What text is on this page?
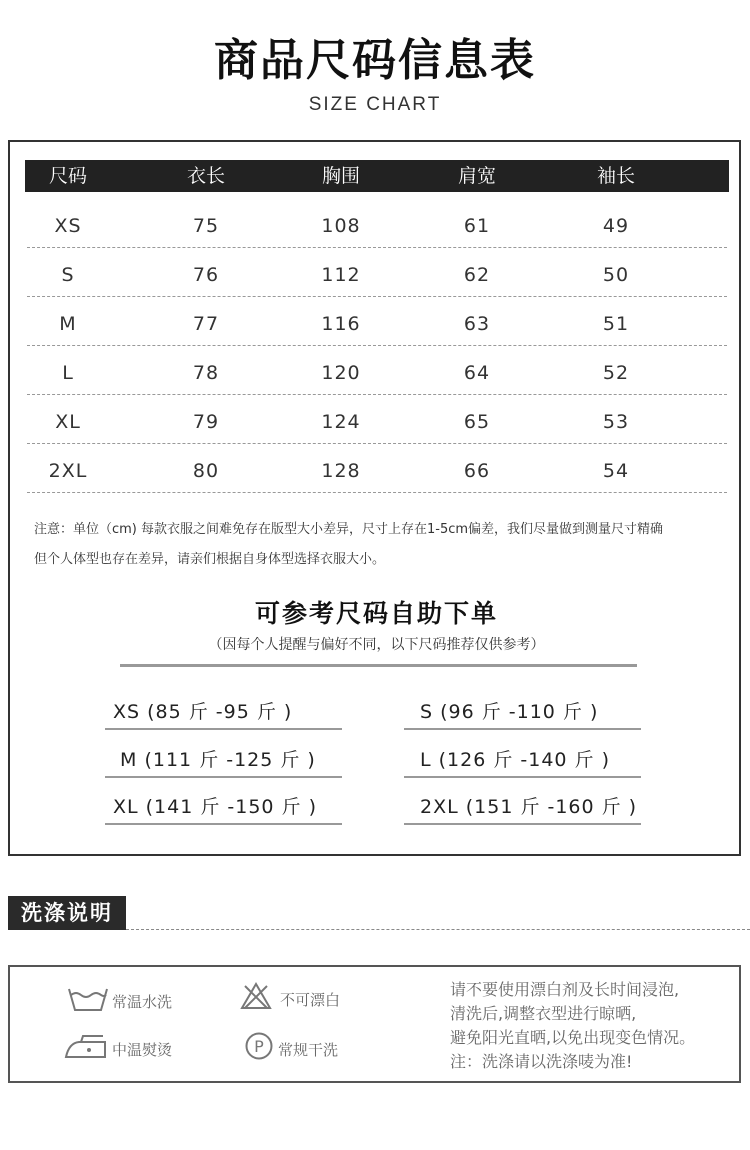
商品尺码信息表
SIZE CHART
尺码	衣长	胸围	肩宽	袖长
XS	75	108	61	49
S	76	112	62	50
M	77	116	63	51
L	78	120	64	52
XL	79	124	65	53
2XL	80	128	66	54
注意：单位（cm) 每款衣服之间难免存在版型大小差异，尺寸上存在1-5cm偏差，我们尽量做到测量尺寸精确
但个人体型也存在差异，请亲们根据自身体型选择衣服大小。
可参考尺码自助下单
（因每个人提醒与偏好不同，以下尺码推荐仅供参考）
XS (85 斤 -95 斤 )	S (96 斤 -110 斤 )
M (111 斤 -125 斤 )	L (126 斤 -140 斤 )
XL (141 斤 -150 斤 )	2XL (151 斤 -160 斤 )
洗涤说明
常温水洗	不可漂白
中温熨烫	P 常规干洗
请不要使用漂白剂及长时间浸泡,
清洗后,调整衣型进行晾晒,
避免阳光直晒,以免出现变色情况。
注：洗涤请以洗涤唛为准!
